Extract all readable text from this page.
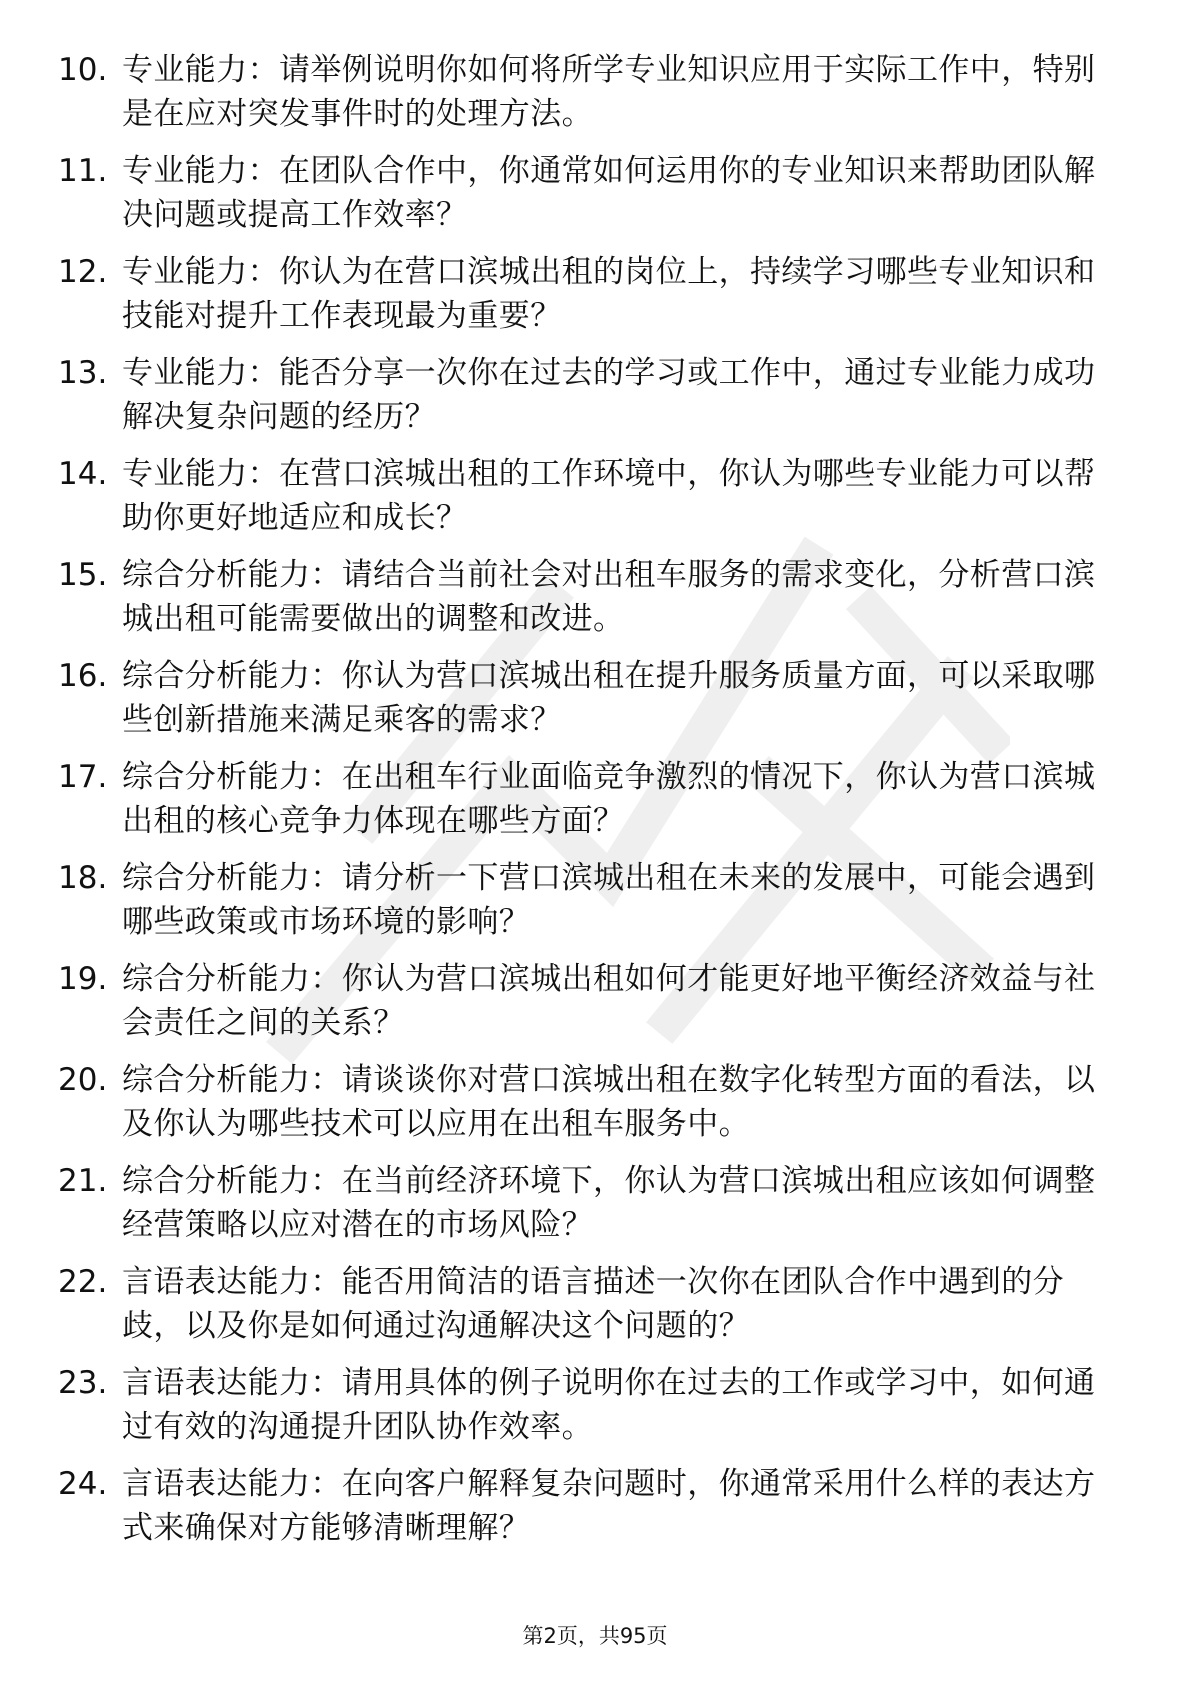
10. 专业能力：请举例说明你如何将所学专业知识应用于实际工作中，特别是在应对突发事件时的处理方法。
11. 专业能力：在团队合作中，你通常如何运用你的专业知识来帮助团队解决问题或提高工作效率？
12. 专业能力：你认为在营口滨城出租的岗位上，持续学习哪些专业知识和技能对提升工作表现最为重要？
13. 专业能力：能否分享一次你在过去的学习或工作中，通过专业能力成功解决复杂问题的经历？
14. 专业能力：在营口滨城出租的工作环境中，你认为哪些专业能力可以帮助你更好地适应和成长？
15. 综合分析能力：请结合当前社会对出租车服务的需求变化，分析营口滨城出租可能需要做出的调整和改进。
16. 综合分析能力：你认为营口滨城出租在提升服务质量方面，可以采取哪些创新措施来满足乘客的需求？
17. 综合分析能力：在出租车行业面临竞争激烈的情况下，你认为营口滨城出租的核心竞争力体现在哪些方面？
18. 综合分析能力：请分析一下营口滨城出租在未来的发展中，可能会遇到哪些政策或市场环境的影响？
19. 综合分析能力：你认为营口滨城出租如何才能更好地平衡经济效益与社会责任之间的关系？
20. 综合分析能力：请谈谈你对营口滨城出租在数字化转型方面的看法，以及你认为哪些技术可以应用在出租车服务中。
21. 综合分析能力：在当前经济环境下，你认为营口滨城出租应该如何调整经营策略以应对潜在的市场风险？
22. 言语表达能力：能否用简洁的语言描述一次你在团队合作中遇到的分歧，以及你是如何通过沟通解决这个问题的？
23. 言语表达能力：请用具体的例子说明你在过去的工作或学习中，如何通过有效的沟通提升团队协作效率。
24. 言语表达能力：在向客户解释复杂问题时，你通常采用什么样的表达方式来确保对方能够清晰理解？
第2页，共95页
